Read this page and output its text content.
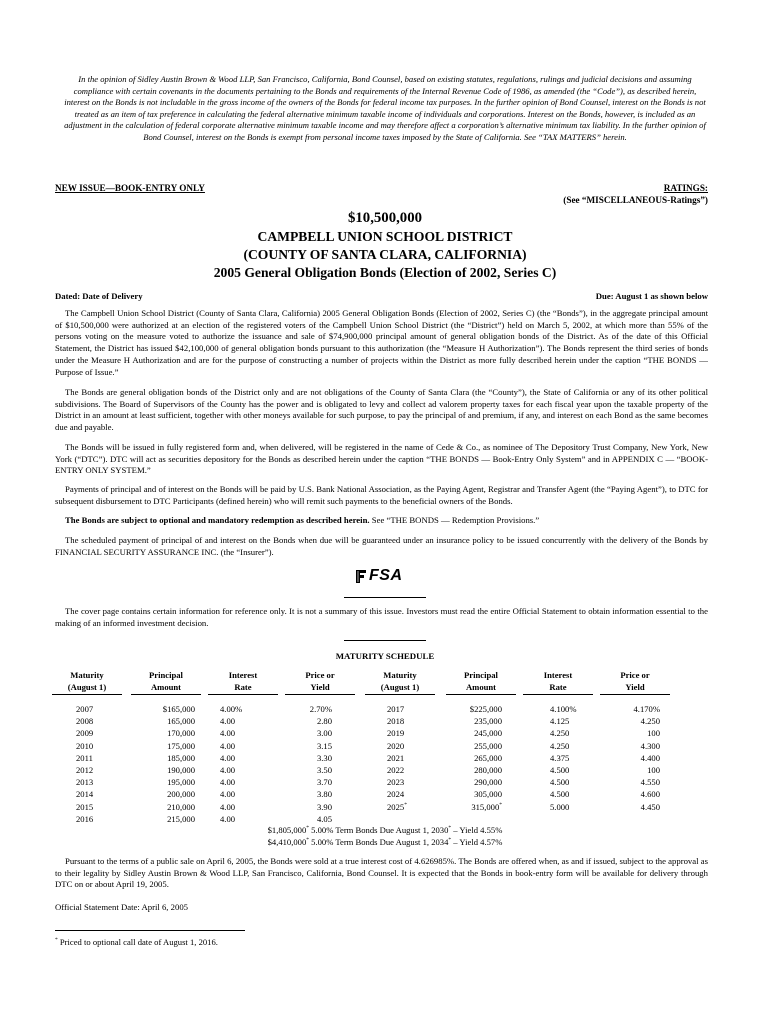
In the opinion of Sidley Austin Brown & Wood LLP, San Francisco, California, Bond Counsel, based on existing statutes, regulations, rulings and judicial decisions and assuming compliance with certain covenants in the documents pertaining to the Bonds and requirements of the Internal Revenue Code of 1986, as amended (the “Code”), as described herein, interest on the Bonds is not includable in the gross income of the owners of the Bonds for federal income tax purposes. In the further opinion of Bond Counsel, interest on the Bonds is not treated as an item of tax preference in calculating the federal alternative minimum taxable income of individuals and corporations. Interest on the Bonds, however, is included as an adjustment in the calculation of federal corporate alternative minimum taxable income and may therefore affect a corporation’s alternative minimum tax liability. In the further opinion of Bond Counsel, interest on the Bonds is exempt from personal income taxes imposed by the State of California. See “TAX MATTERS” herein.
NEW ISSUE—BOOK-ENTRY ONLY	RATINGS:
(See “MISCELLANEOUS-Ratings”)
$10,500,000
CAMPBELL UNION SCHOOL DISTRICT
(COUNTY OF SANTA CLARA, CALIFORNIA)
2005 General Obligation Bonds (Election of 2002, Series C)
Dated: Date of Delivery	Due: August 1 as shown below
The Campbell Union School District (County of Santa Clara, California) 2005 General Obligation Bonds (Election of 2002, Series C) (the “Bonds”), in the aggregate principal amount of $10,500,000 were authorized at an election of the registered voters of the Campbell Union School District (the “District”) held on March 5, 2002, at which more than 55% of the persons voting on the measure voted to authorize the issuance and sale of $74,900,000 principal amount of general obligation bonds of the District. As of the date of this Official Statement, the District has issued $42,100,000 of general obligation bonds pursuant to this authorization (the “Measure H Authorization”). The Bonds represent the third series of bonds under the Measure H Authorization and are for the purpose of constructing a number of projects within the District as more fully described herein under the caption “THE BONDS — Purpose of Issue.”
The Bonds are general obligation bonds of the District only and are not obligations of the County of Santa Clara (the “County”), the State of California or any of its other political subdivisions. The Board of Supervisors of the County has the power and is obligated to levy and collect ad valorem property taxes for each fiscal year upon the taxable property of the District in an amount at least sufficient, together with other moneys available for such purpose, to pay the principal of and premium, if any, and interest on each Bond as the same becomes due and payable.
The Bonds will be issued in fully registered form and, when delivered, will be registered in the name of Cede & Co., as nominee of The Depository Trust Company, New York, New York (“DTC”). DTC will act as securities depository for the Bonds as described herein under the caption “THE BONDS — Book-Entry Only System” and in APPENDIX C — “BOOK-ENTRY ONLY SYSTEM.”
Payments of principal and of interest on the Bonds will be paid by U.S. Bank National Association, as the Paying Agent, Registrar and Transfer Agent (the “Paying Agent”), to DTC for subsequent disbursement to DTC Participants (defined herein) who will remit such payments to the beneficial owners of the Bonds.
The Bonds are subject to optional and mandatory redemption as described herein. See “THE BONDS — Redemption Provisions.”
The scheduled payment of principal of and interest on the Bonds when due will be guaranteed under an insurance policy to be issued concurrently with the delivery of the Bonds by FINANCIAL SECURITY ASSURANCE INC. (the “Insurer”).
FSA
The cover page contains certain information for reference only. It is not a summary of this issue. Investors must read the entire Official Statement to obtain information essential to the making of an informed investment decision.
MATURITY SCHEDULE
Maturity
(August 1)
Principal
Amount
Interest
Rate
Price or
Yield
Maturity
(August 1)
Principal
Amount
Interest
Rate
Price or
Yield
2007
2008
2009
2010
2011
2012
2013
2014
2015
2016
$165,000
165,000
170,000
175,000
185,000
190,000
195,000
200,000
210,000
215,000
4.00%
4.00
4.00
4.00
4.00
4.00
4.00
4.00
4.00
4.00
2.70%
2.80
3.00
3.15
3.30
3.50
3.70
3.80
3.90
4.05
2017
2018
2019
2020
2021
2022
2023
2024
2025*
$225,000
235,000
245,000
255,000
265,000
280,000
290,000
305,000
315,000*
4.100%
4.125
4.250
4.250
4.375
4.500
4.500
4.500
5.000
4.170%
4.250
100
4.300
4.400
100
4.550
4.600
4.450
$1,805,000* 5.00% Term Bonds Due August 1, 2030* – Yield 4.55%
$4,410,000* 5.00% Term Bonds Due August 1, 2034* – Yield 4.57%
Pursuant to the terms of a public sale on April 6, 2005, the Bonds were sold at a true interest cost of 4.626985%. The Bonds are offered when, as and if issued, subject to the approval as to their legality by Sidley Austin Brown & Wood LLP, San Francisco, California, Bond Counsel. It is expected that the Bonds in book-entry form will be available for delivery through DTC on or about April 19, 2005.
Official Statement Date: April 6, 2005
* Priced to optional call date of August 1, 2016.
